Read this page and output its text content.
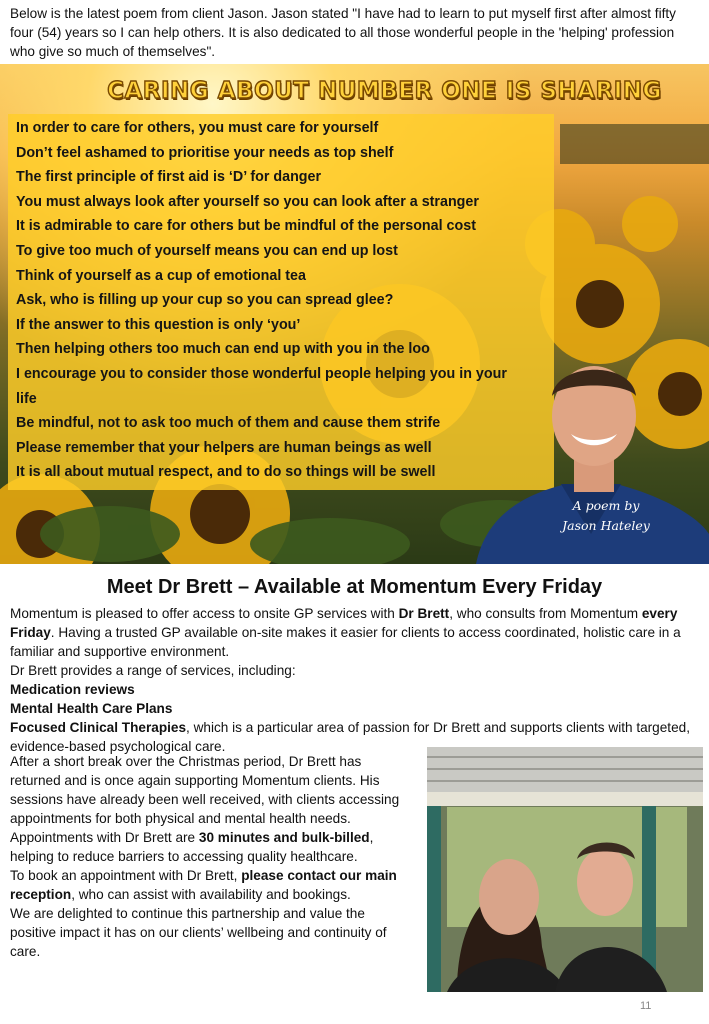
Below is the latest poem from client Jason. Jason stated "I have had to learn to put myself first after almost fifty four (54) years so I can help others. It is also dedicated to all those wonderful people in the 'helping' profession who give so much of themselves".
CARING ABOUT NUMBER ONE IS SHARING
In order to care for others, you must care for yourself
Don’t feel ashamed to prioritise your needs as top shelf
The first principle of first aid is ‘D’ for danger
You must always look after yourself so you can look after a stranger
It is admirable to care for others but be mindful of the personal cost
To give too much of yourself means you can end up lost
Think of yourself as a cup of emotional tea
Ask, who is filling up your cup so you can spread glee?
If the answer to this question is only ‘you’
Then helping others too much can end up with you in the loo
I encourage you to consider those wonderful people helping you in your
life
Be mindful, not to ask too much of them and cause them strife
Please remember that your helpers are human beings as well
It is all about mutual respect, and to do so things will be swell
A poem by
Jason Hateley
Meet Dr Brett – Available at Momentum Every Friday

Momentum is pleased to offer access to onsite GP services with Dr Brett, who consults from Momentum every Friday. Having a trusted GP available on-site makes it easier for clients to access coordinated, holistic care in a familiar and supportive environment.

Dr Brett provides a range of services, including:

Medication reviews

Mental Health Care Plans

Focused Clinical Therapies, which is a particular area of passion for Dr Brett and supports clients with targeted, evidence-based psychological care.

After a short break over the Christmas period, Dr Brett has returned and is once again supporting Momentum clients. His sessions have already been well received, with clients accessing appointments for both physical and mental health needs.

Appointments with Dr Brett are 30 minutes and bulk-billed, helping to reduce barriers to accessing quality healthcare.

To book an appointment with Dr Brett, please contact our main reception, who can assist with availability and bookings.

We are delighted to continue this partnership and value the positive impact it has on our clients’ wellbeing and continuity of care.

11
